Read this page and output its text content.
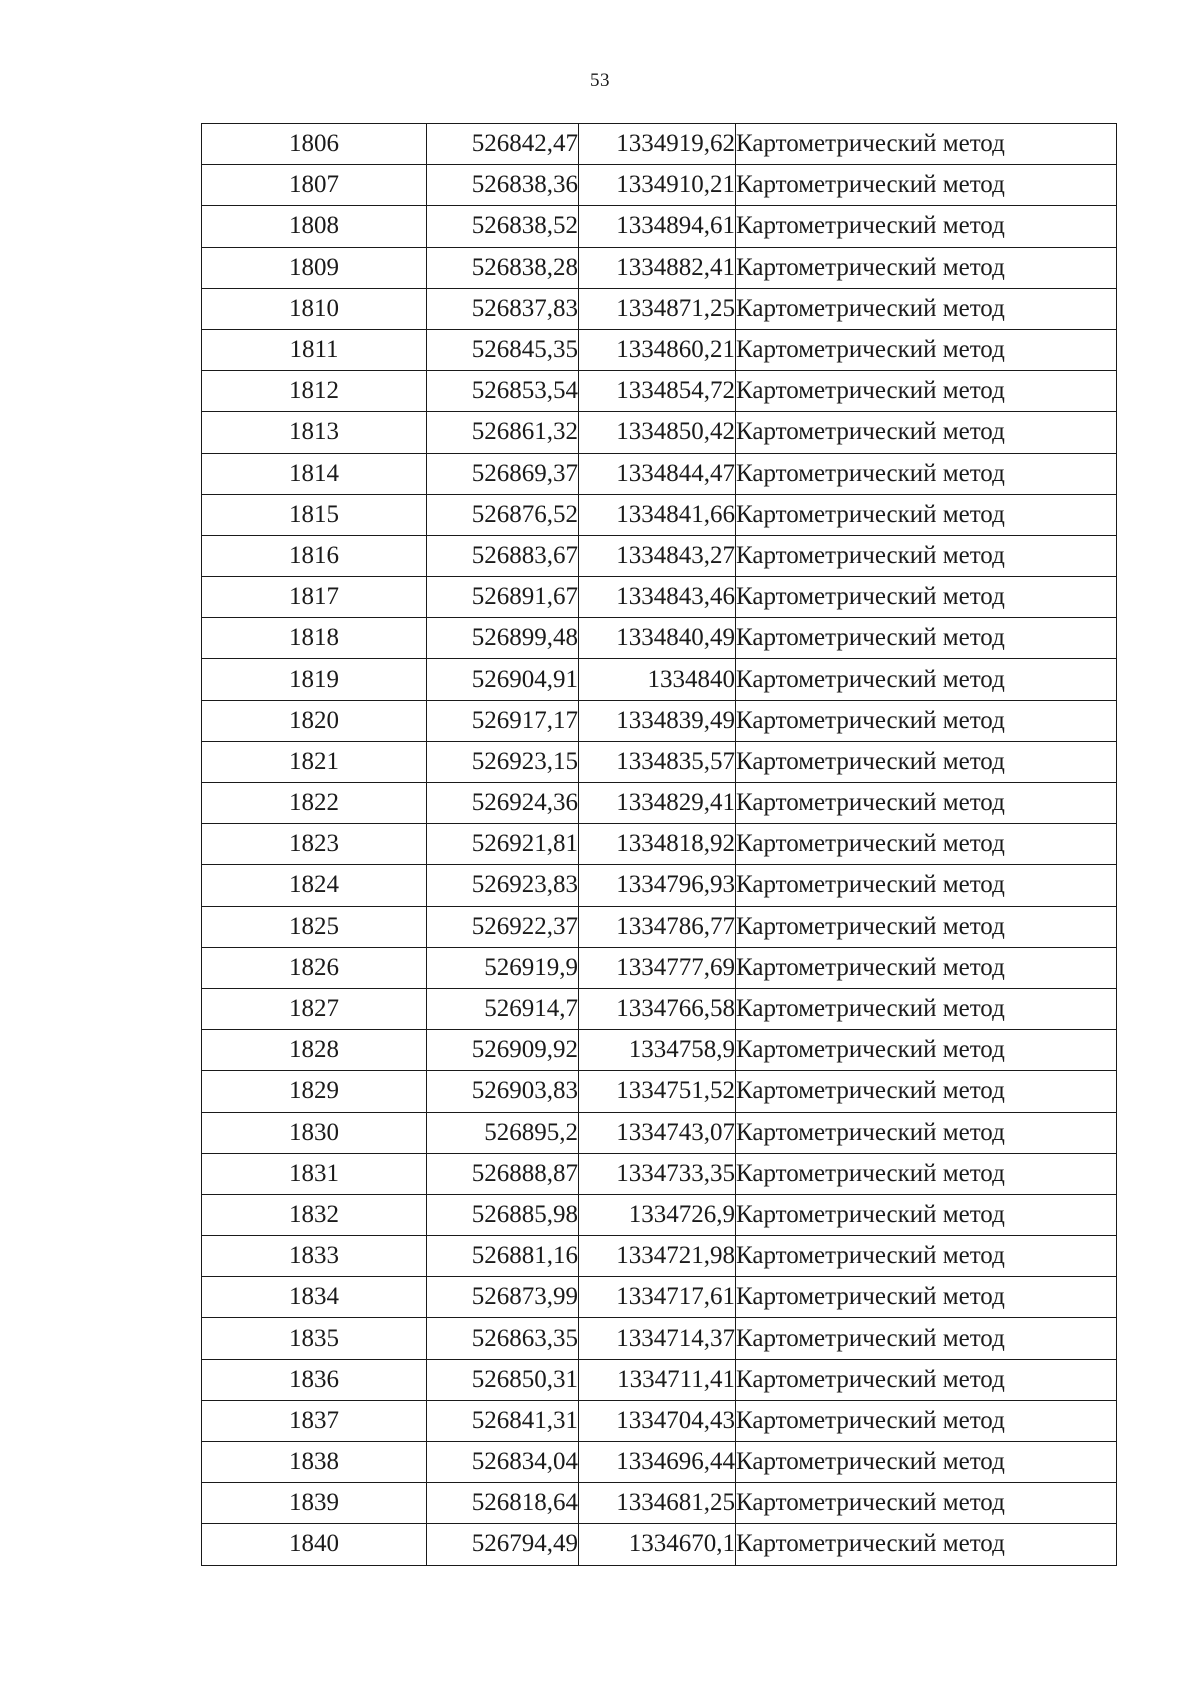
53
1806	526842,47	1334919,62	Картометрический метод
1807	526838,36	1334910,21	Картометрический метод
1808	526838,52	1334894,61	Картометрический метод
1809	526838,28	1334882,41	Картометрический метод
1810	526837,83	1334871,25	Картометрический метод
1811	526845,35	1334860,21	Картометрический метод
1812	526853,54	1334854,72	Картометрический метод
1813	526861,32	1334850,42	Картометрический метод
1814	526869,37	1334844,47	Картометрический метод
1815	526876,52	1334841,66	Картометрический метод
1816	526883,67	1334843,27	Картометрический метод
1817	526891,67	1334843,46	Картометрический метод
1818	526899,48	1334840,49	Картометрический метод
1819	526904,91	1334840	Картометрический метод
1820	526917,17	1334839,49	Картометрический метод
1821	526923,15	1334835,57	Картометрический метод
1822	526924,36	1334829,41	Картометрический метод
1823	526921,81	1334818,92	Картометрический метод
1824	526923,83	1334796,93	Картометрический метод
1825	526922,37	1334786,77	Картометрический метод
1826	526919,9	1334777,69	Картометрический метод
1827	526914,7	1334766,58	Картометрический метод
1828	526909,92	1334758,9	Картометрический метод
1829	526903,83	1334751,52	Картометрический метод
1830	526895,2	1334743,07	Картометрический метод
1831	526888,87	1334733,35	Картометрический метод
1832	526885,98	1334726,9	Картометрический метод
1833	526881,16	1334721,98	Картометрический метод
1834	526873,99	1334717,61	Картометрический метод
1835	526863,35	1334714,37	Картометрический метод
1836	526850,31	1334711,41	Картометрический метод
1837	526841,31	1334704,43	Картометрический метод
1838	526834,04	1334696,44	Картометрический метод
1839	526818,64	1334681,25	Картометрический метод
1840	526794,49	1334670,1	Картометрический метод
